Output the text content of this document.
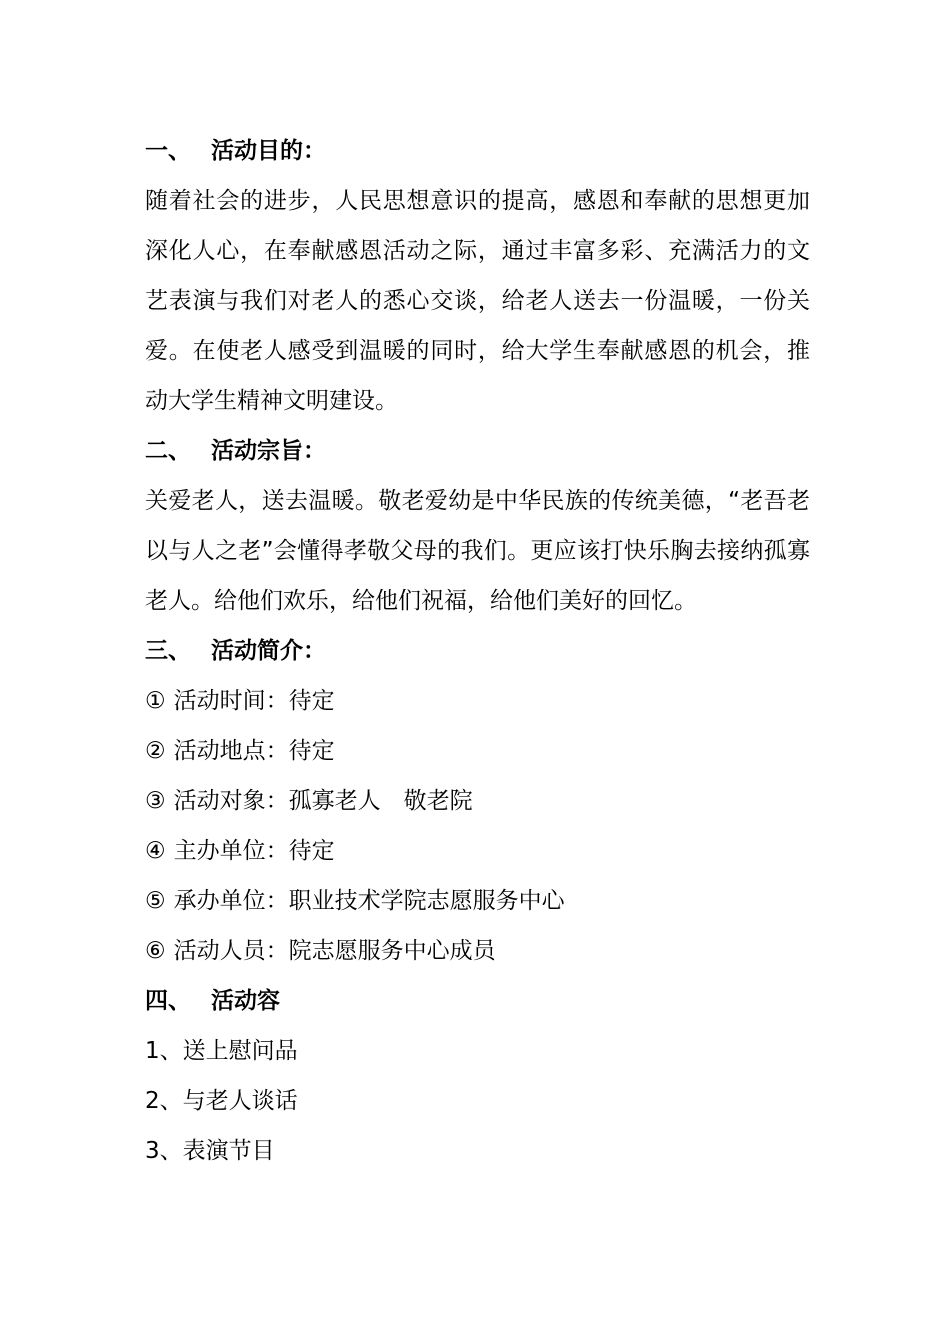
一、 活动目的：

随着社会的进步，人民思想意识的提高，感恩和奉献的思想更加深化人心，在奉献感恩活动之际，通过丰富多彩、充满活力的文艺表演与我们对老人的悉心交谈，给老人送去一份温暖，一份关爱。在使老人感受到温暖的同时，给大学生奉献感恩的机会，推动大学生精神文明建设。

二、 活动宗旨：

关爱老人，送去温暖。敬老爱幼是中华民族的传统美德，“老吾老以与人之老”会懂得孝敬父母的我们。更应该打快乐胸去接纳孤寡老人。给他们欢乐，给他们祝福，给他们美好的回忆。

三、 活动简介：
① 活动时间：待定
② 活动地点：待定
③ 活动对象：孤寡老人　敬老院
④ 主办单位：待定
⑤ 承办单位：职业技术学院志愿服务中心
⑥ 活动人员：院志愿服务中心成员
四、 活动容
1、送上慰问品
2、与老人谈话
3、表演节目
